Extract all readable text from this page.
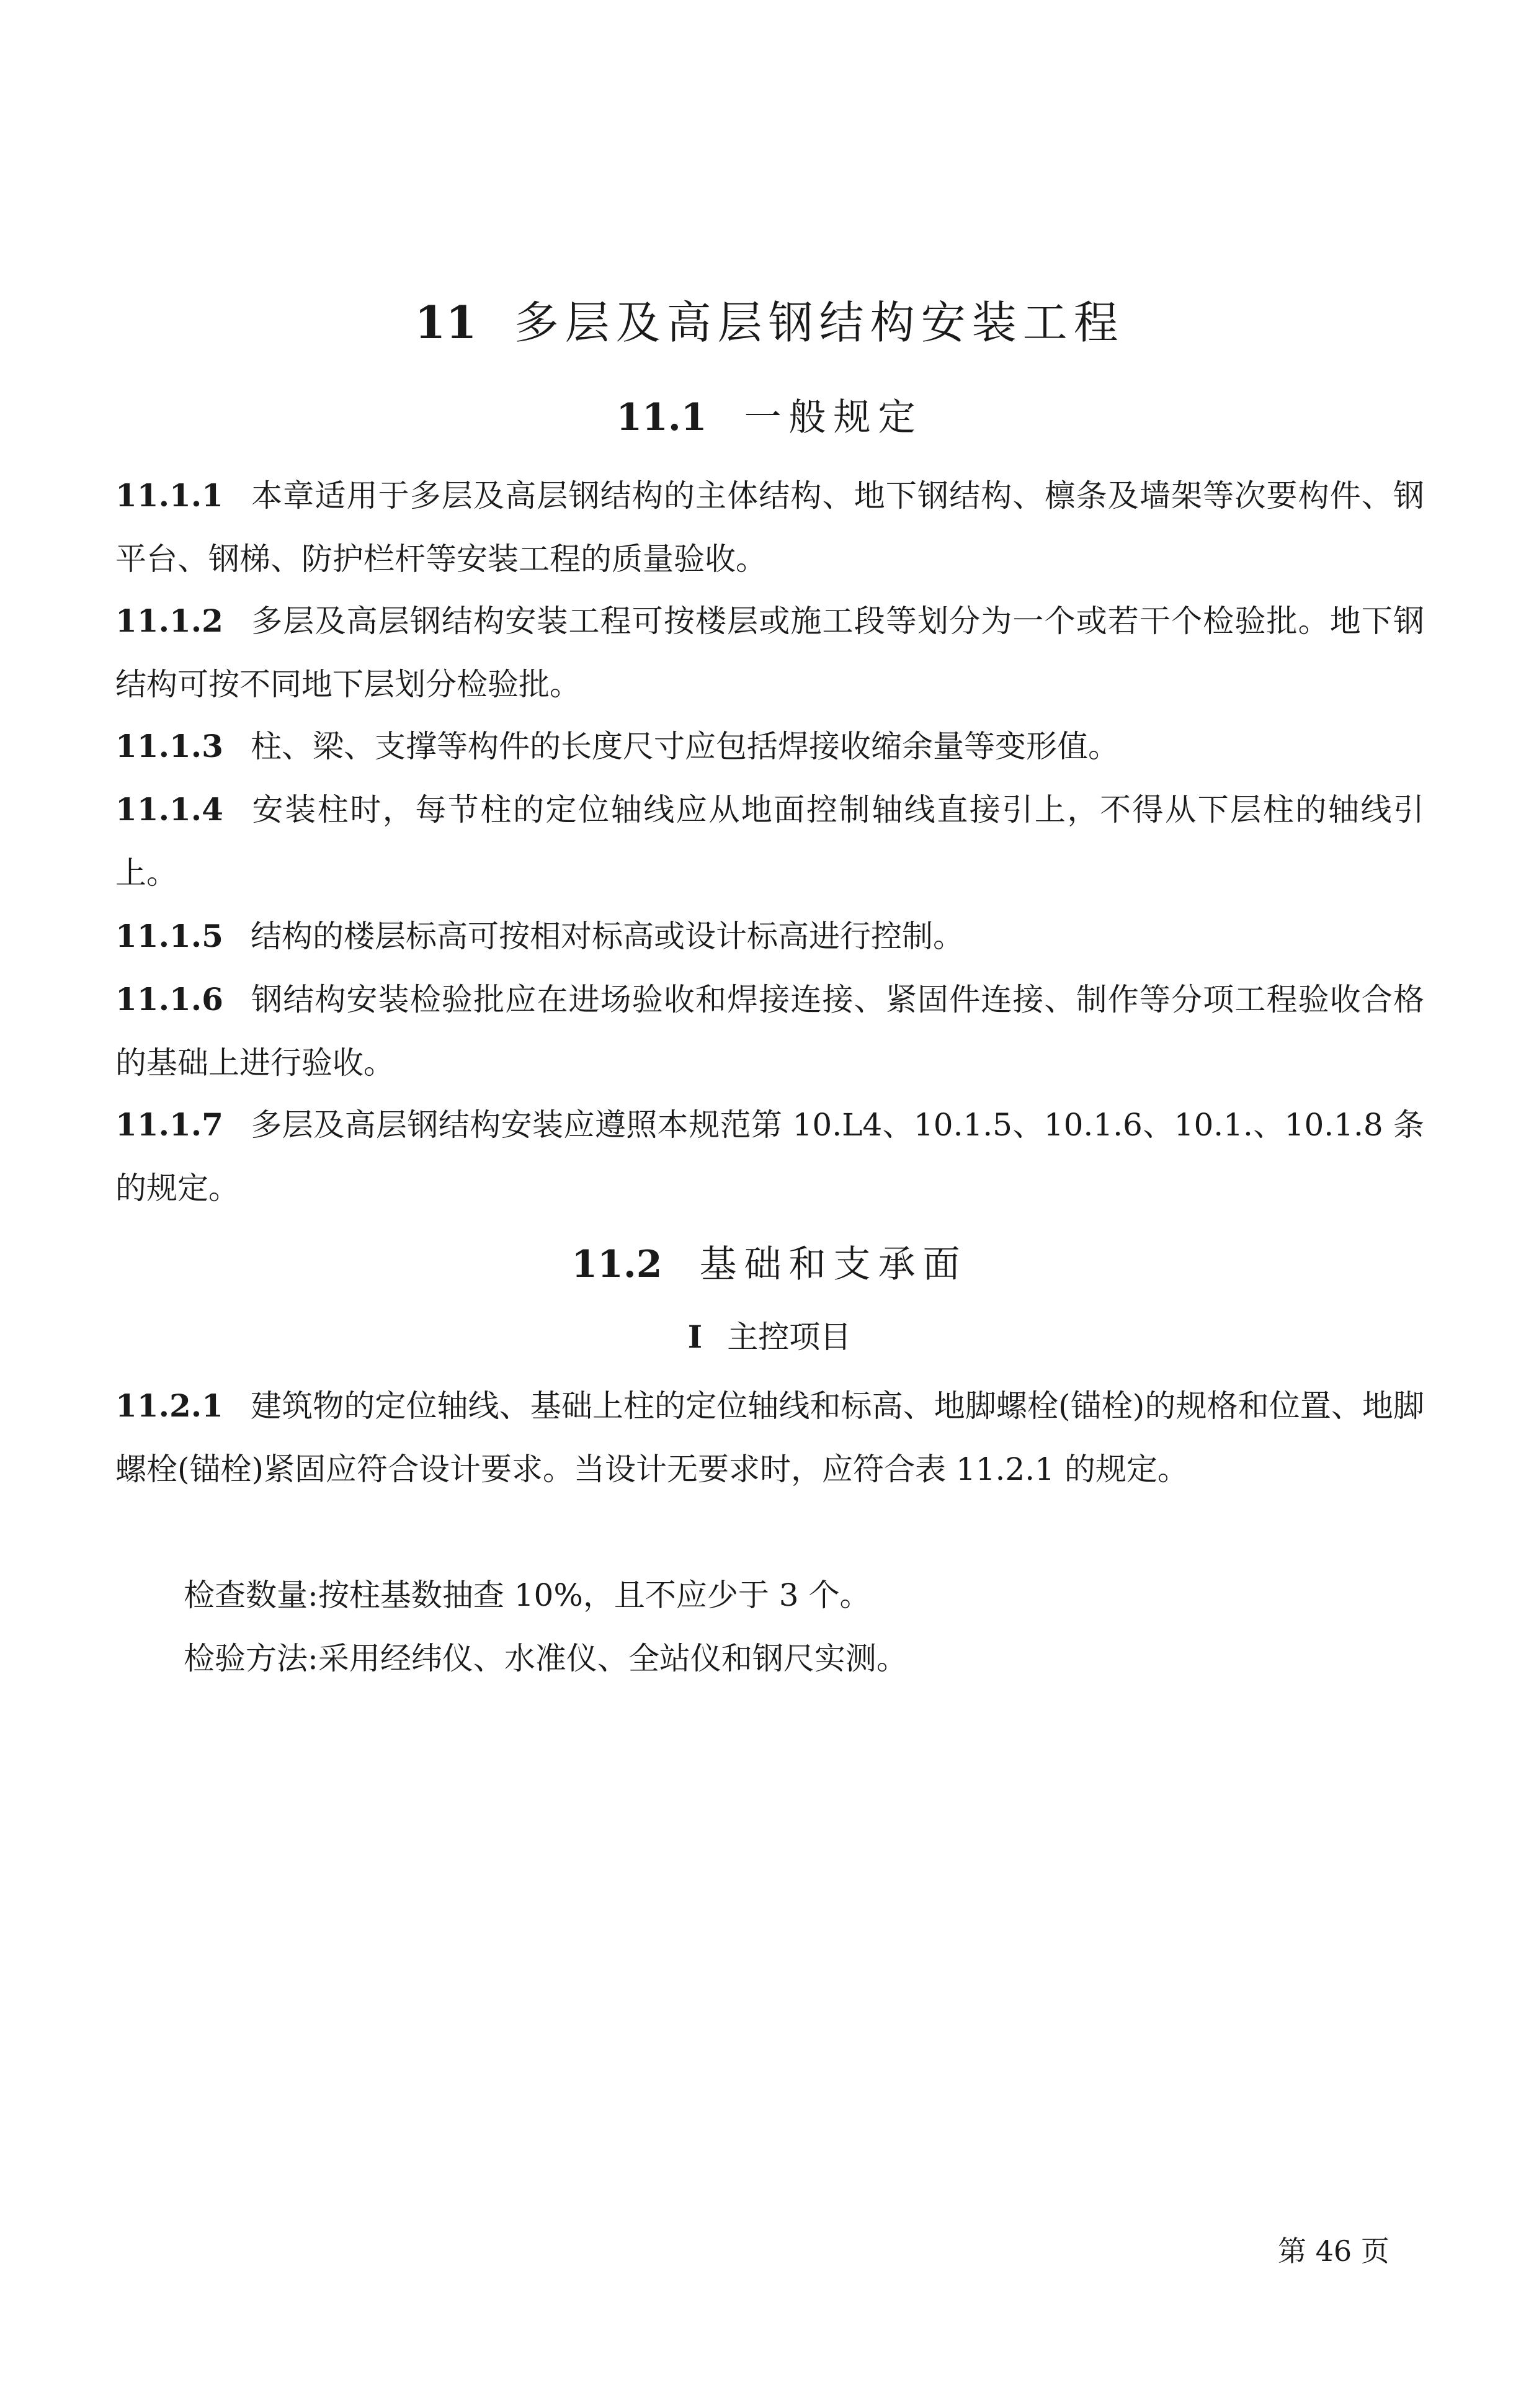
11 多层及高层钢结构安装工程
11.1 一般规定

11.1.1 本章适用于多层及高层钢结构的主体结构、地下钢结构、檩条及墙架等次要构件、钢平台、钢梯、防护栏杆等安装工程的质量验收。

11.1.2 多层及高层钢结构安装工程可按楼层或施工段等划分为一个或若干个检验批。地下钢结构可按不同地下层划分检验批。

11.1.3 柱、梁、支撑等构件的长度尺寸应包括焊接收缩余量等变形值。

11.1.4 安装柱时，每节柱的定位轴线应从地面控制轴线直接引上，不得从下层柱的轴线引上。

11.1.5 结构的楼层标高可按相对标高或设计标高进行控制。

11.1.6 钢结构安装检验批应在进场验收和焊接连接、紧固件连接、制作等分项工程验收合格的基础上进行验收。

11.1.7 多层及高层钢结构安装应遵照本规范第 10.L4、10.1.5、10.1.6、10.1.、10.1.8 条的规定。

11.2 基础和支承面

I 主控项目

11.2.1 建筑物的定位轴线、基础上柱的定位轴线和标高、地脚螺栓(锚栓)的规格和位置、地脚螺栓(锚栓)紧固应符合设计要求。当设计无要求时，应符合表 11.2.1 的规定。

检查数量:按柱基数抽查 10%，且不应少于 3 个。

检验方法:采用经纬仪、水准仪、全站仪和钢尺实测。

第 46 页
